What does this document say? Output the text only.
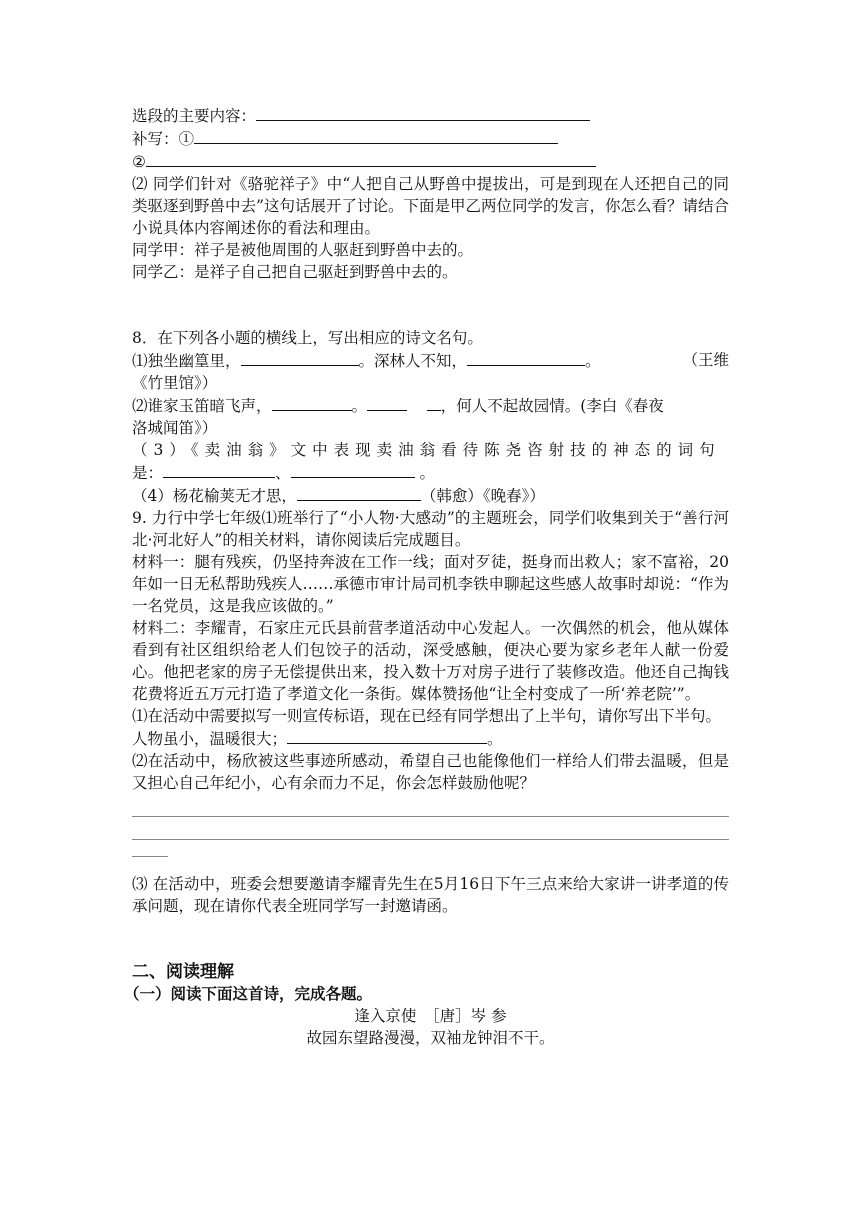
选段的主要内容：
补写：①
②
⑵ 同学们针对《骆驼祥子》中“人把自己从野兽中提拔出，可是到现在人还把自己的同类驱逐到野兽中去”这句话展开了讨论。下面是甲乙两位同学的发言，你怎么看？请结合小说具体内容阐述你的看法和理由。
同学甲：祥子是被他周围的人驱赶到野兽中去的。
同学乙：是祥子自己把自己驱赶到野兽中去的。
8．在下列各小题的横线上，写出相应的诗文名句。
⑴独坐幽篁里，	。深林人不知，	。	（王维
《竹里馆》）
⑵谁家玉笛暗飞声，	。	，何人不起故园情。(李白《春夜
洛城闻笛》）
（3）《卖油翁》文中表现卖油翁看待陈尧咨射技的神态的词句
是：	、	。
（4）杨花榆荚无才思，	（韩愈）《晚春》）
9. 力行中学七年级⑴班举行了“小人物·大感动”的主题班会，同学们收集到关于“善行河北·河北好人”的相关材料，请你阅读后完成题目。
材料一：腿有残疾，仍坚持奔波在工作一线；面对歹徒，挺身而出救人；家不富裕，20年如一日无私帮助残疾人……承德市审计局司机李铁申聊起这些感人故事时却说：“作为一名党员，这是我应该做的。”
材料二：李耀青，石家庄元氏县前营孝道活动中心发起人。一次偶然的机会，他从媒体看到有社区组织给老人们包饺子的活动，深受感触，便决心要为家乡老年人献一份爱心。他把老家的房子无偿提供出来，投入数十万对房子进行了装修改造。他还自己掏钱花费将近五万元打造了孝道文化一条街。媒体赞扬他“让全村变成了一所‘养老院’”。
⑴在活动中需要拟写一则宣传标语，现在已经有同学想出了上半句，请你写出下半句。
人物虽小，温暖很大；	。
⑵在活动中，杨欣被这些事迹所感动，希望自己也能像他们一样给人们带去温暖，但是又担心自己年纪小，心有余而力不足，你会怎样鼓励他呢？
⑶ 在活动中，班委会想要邀请李耀青先生在5月16日下午三点来给大家讲一讲孝道的传承问题，现在请你代表全班同学写一封邀请函。
二、阅读理解
（一）阅读下面这首诗，完成各题。
逢入京使　［唐］岑 参
故园东望路漫漫，双袖龙钟泪不干。
